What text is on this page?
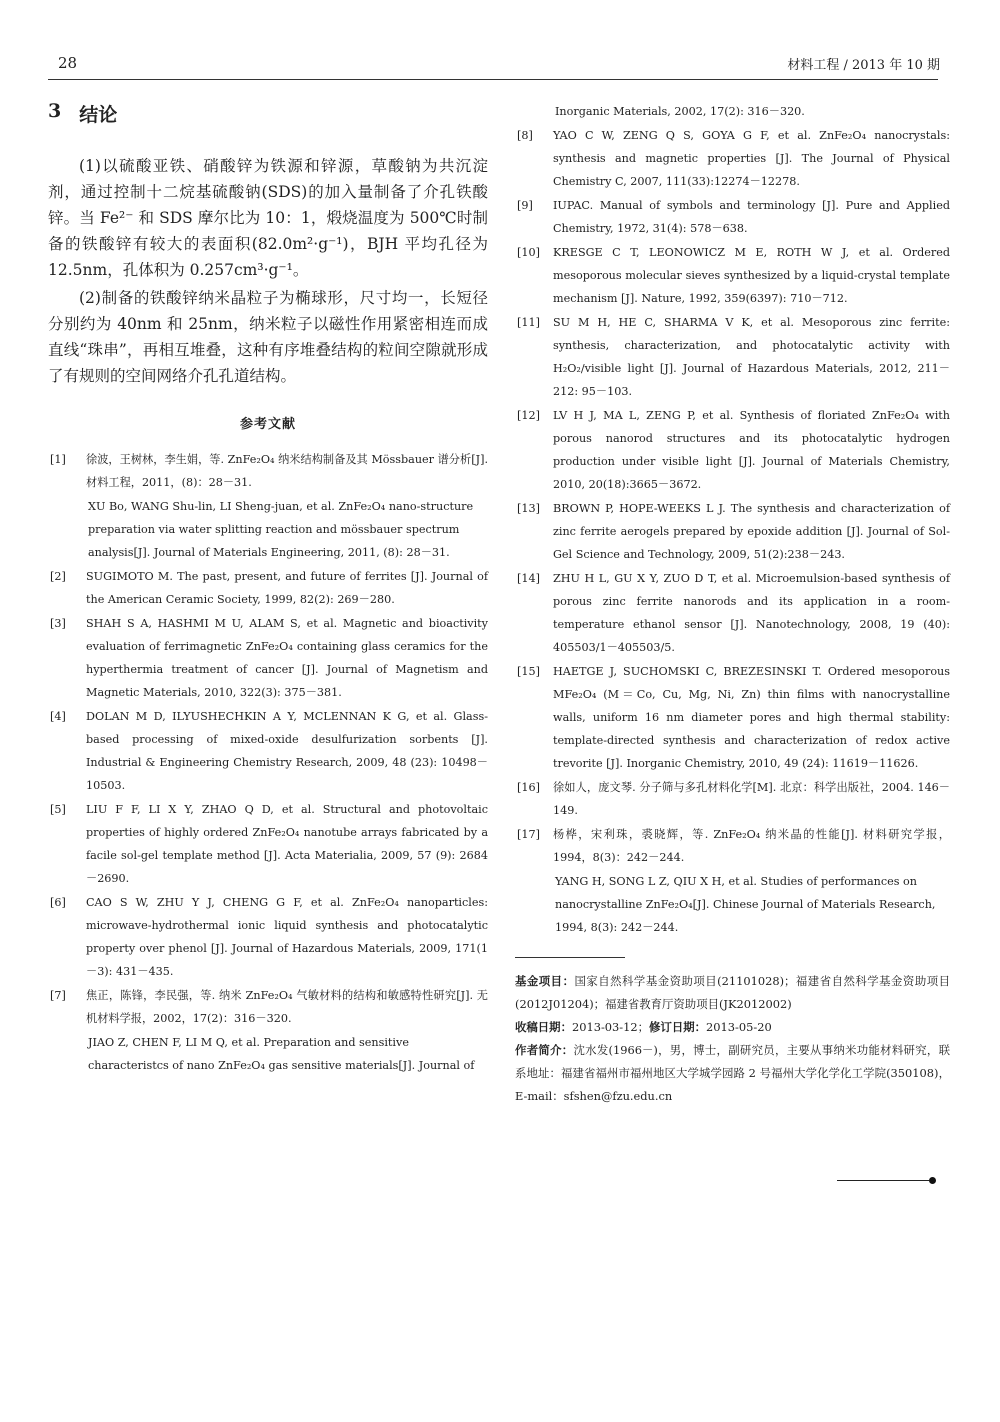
28	材料工程 / 2013 年 10 期
3 结论

(1)以硫酸亚铁、硝酸锌为铁源和锌源，草酸钠为共沉淀剂，通过控制十二烷基硫酸钠(SDS)的加入量制备了介孔铁酸锌。当 Fe²⁻ 和 SDS 摩尔比为 10：1，煅烧温度为 500℃时制备的铁酸锌有较大的表面积(82.0m²·g⁻¹)，BJH 平均孔径为 12.5nm，孔体积为 0.257cm³·g⁻¹。

(2)制备的铁酸锌纳米晶粒子为椭球形，尺寸均一，长短径分别约为 40nm 和 25nm，纳米粒子以磁性作用紧密相连而成直线“珠串”，再相互堆叠，这种有序堆叠结构的粒间空隙就形成了有规则的空间网络介孔孔道结构。

参考文献
[1]	徐波，王树林，李生娟，等. ZnFe₂O₄ 纳米结构制备及其 Mössbauer 谱分析[J]. 材料工程，2011，(8)：28－31.
XU Bo, WANG Shu-lin, LI Sheng-juan, et al. ZnFe₂O₄ nano-structure preparation via water splitting reaction and mössbauer spectrum analysis[J]. Journal of Materials Engineering, 2011, (8): 28－31.
[2]	SUGIMOTO M. The past, present, and future of ferrites [J]. Journal of the American Ceramic Society, 1999, 82(2): 269－280.
[3]	SHAH S A, HASHMI M U, ALAM S, et al. Magnetic and bioactivity evaluation of ferrimagnetic ZnFe₂O₄ containing glass ceramics for the hyperthermia treatment of cancer [J]. Journal of Magnetism and Magnetic Materials, 2010, 322(3): 375－381.
[4]	DOLAN M D, ILYUSHECHKIN A Y, MCLENNAN K G, et al. Glass-based processing of mixed-oxide desulfurization sorbents [J]. Industrial & Engineering Chemistry Research, 2009, 48 (23): 10498－10503.
[5]	LIU F F, LI X Y, ZHAO Q D, et al. Structural and photovoltaic properties of highly ordered ZnFe₂O₄ nanotube arrays fabricated by a facile sol-gel template method [J]. Acta Materialia, 2009, 57 (9): 2684－2690.
[6]	CAO S W, ZHU Y J, CHENG G F, et al. ZnFe₂O₄ nanoparticles: microwave-hydrothermal ionic liquid synthesis and photocatalytic property over phenol [J]. Journal of Hazardous Materials, 2009, 171(1－3): 431－435.
[7]	焦正，陈锋，李民强，等. 纳米 ZnFe₂O₄ 气敏材料的结构和敏感特性研究[J]. 无机材料学报，2002，17(2)：316－320.
JIAO Z, CHEN F, LI M Q, et al. Preparation and sensitive characteristcs of nano ZnFe₂O₄ gas sensitive materials[J]. Journal of
Inorganic Materials, 2002, 17(2): 316－320.
[8]	YAO C W, ZENG Q S, GOYA G F, et al. ZnFe₂O₄ nanocrystals: synthesis and magnetic properties [J]. The Journal of Physical Chemistry C, 2007, 111(33):12274－12278.
[9]	IUPAC. Manual of symbols and terminology [J]. Pure and Applied Chemistry, 1972, 31(4): 578－638.
[10]	KRESGE C T, LEONOWICZ M E, ROTH W J, et al. Ordered mesoporous molecular sieves synthesized by a liquid-crystal template mechanism [J]. Nature, 1992, 359(6397): 710－712.
[11]	SU M H, HE C, SHARMA V K, et al. Mesoporous zinc ferrite: synthesis, characterization, and photocatalytic activity with H₂O₂/visible light [J]. Journal of Hazardous Materials, 2012, 211－212: 95－103.
[12]	LV H J, MA L, ZENG P, et al. Synthesis of floriated ZnFe₂O₄ with porous nanorod structures and its photocatalytic hydrogen production under visible light [J]. Journal of Materials Chemistry, 2010, 20(18):3665－3672.
[13]	BROWN P, HOPE-WEEKS L J. The synthesis and characterization of zinc ferrite aerogels prepared by epoxide addition [J]. Journal of Sol-Gel Science and Technology, 2009, 51(2):238－243.
[14]	ZHU H L, GU X Y, ZUO D T, et al. Microemulsion-based synthesis of porous zinc ferrite nanorods and its application in a room-temperature ethanol sensor [J]. Nanotechnology, 2008, 19 (40): 405503/1－405503/5.
[15]	HAETGE J, SUCHOMSKI C, BREZESINSKI T. Ordered mesoporous MFe₂O₄ (M＝Co, Cu, Mg, Ni, Zn) thin films with nanocrystalline walls, uniform 16 nm diameter pores and high thermal stability: template-directed synthesis and characterization of redox active trevorite [J]. Inorganic Chemistry, 2010, 49 (24): 11619－11626.
[16]	徐如人，庞文琴. 分子筛与多孔材料化学[M]. 北京：科学出版社，2004. 146－149.
[17]	杨桦，宋利珠，裘晓辉，等. ZnFe₂O₄ 纳米晶的性能[J]. 材料研究学报，1994，8(3)：242－244.
YANG H, SONG L Z, QIU X H, et al. Studies of performances on nanocrystalline ZnFe₂O₄[J]. Chinese Journal of Materials Research, 1994, 8(3): 242－244.

基金项目：国家自然科学基金资助项目(21101028)；福建省自然科学基金资助项目(2012J01204)；福建省教育厅资助项目(JK2012002)

收稿日期：2013-03-12；修订日期：2013-05-20

作者简介：沈水发(1966－)，男，博士，副研究员，主要从事纳米功能材料研究，联系地址：福建省福州市福州地区大学城学园路 2 号福州大学化学化工学院(350108)，E-mail：sfshen@fzu.edu.cn
